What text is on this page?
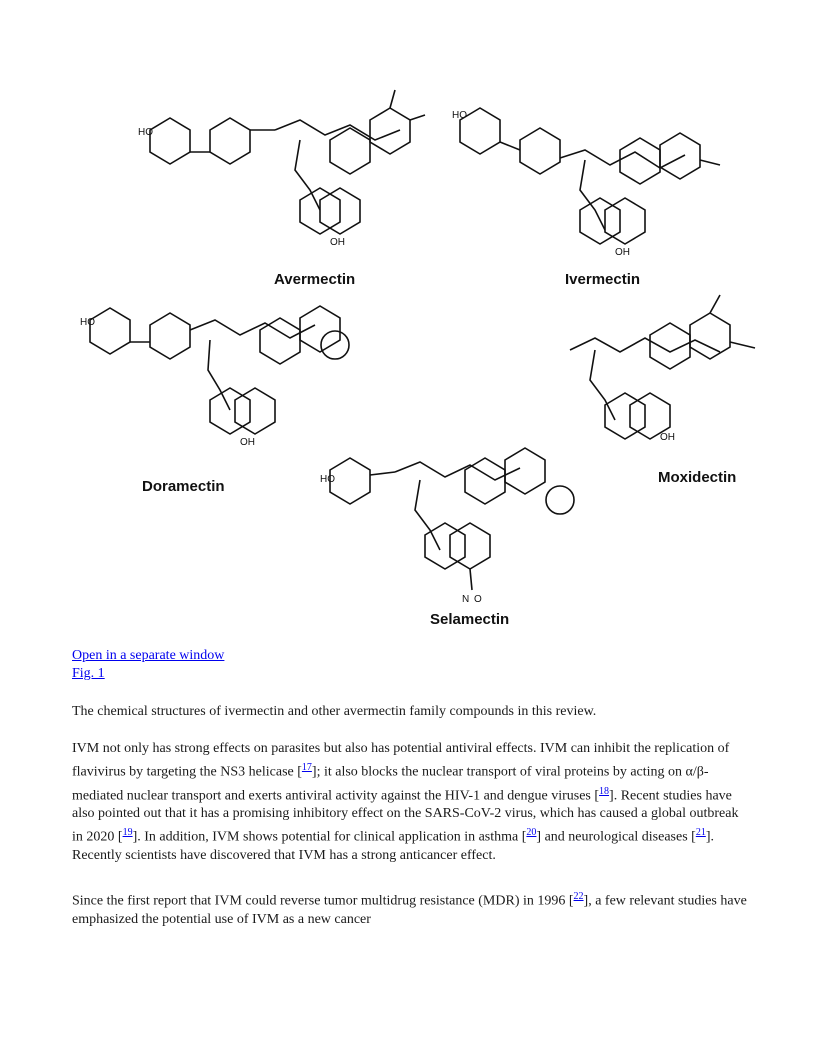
HO
HO
HO
HO
OH
OH
OH	OH
N O
Avermectin	Ivermectin
Doramectin
Moxidectin
Selamectin
Open in a separate window
Fig. 1
The chemical structures of ivermectin and other avermectin family compounds in this review.

IVM not only has strong effects on parasites but also has potential antiviral effects. IVM can inhibit the replication of flavivirus by targeting the NS3 helicase [$^{17}$]; it also blocks the nuclear transport of viral proteins by acting on α/β-mediated nuclear transport and exerts antiviral activity against the HIV-1 and dengue viruses [$^{18}$]. Recent studies have also pointed out that it has a promising inhibitory effect on the SARS-CoV-2 virus, which has caused a global outbreak in 2020 [$^{19}$]. In addition, IVM shows potential for clinical application in asthma [$^{20}$] and neurological diseases [$^{21}$]. Recently scientists have discovered that IVM has a strong anticancer effect.

Since the first report that IVM could reverse tumor multidrug resistance (MDR) in 1996 [$^{22}$], a few relevant studies have emphasized the potential use of IVM as a new cancer
